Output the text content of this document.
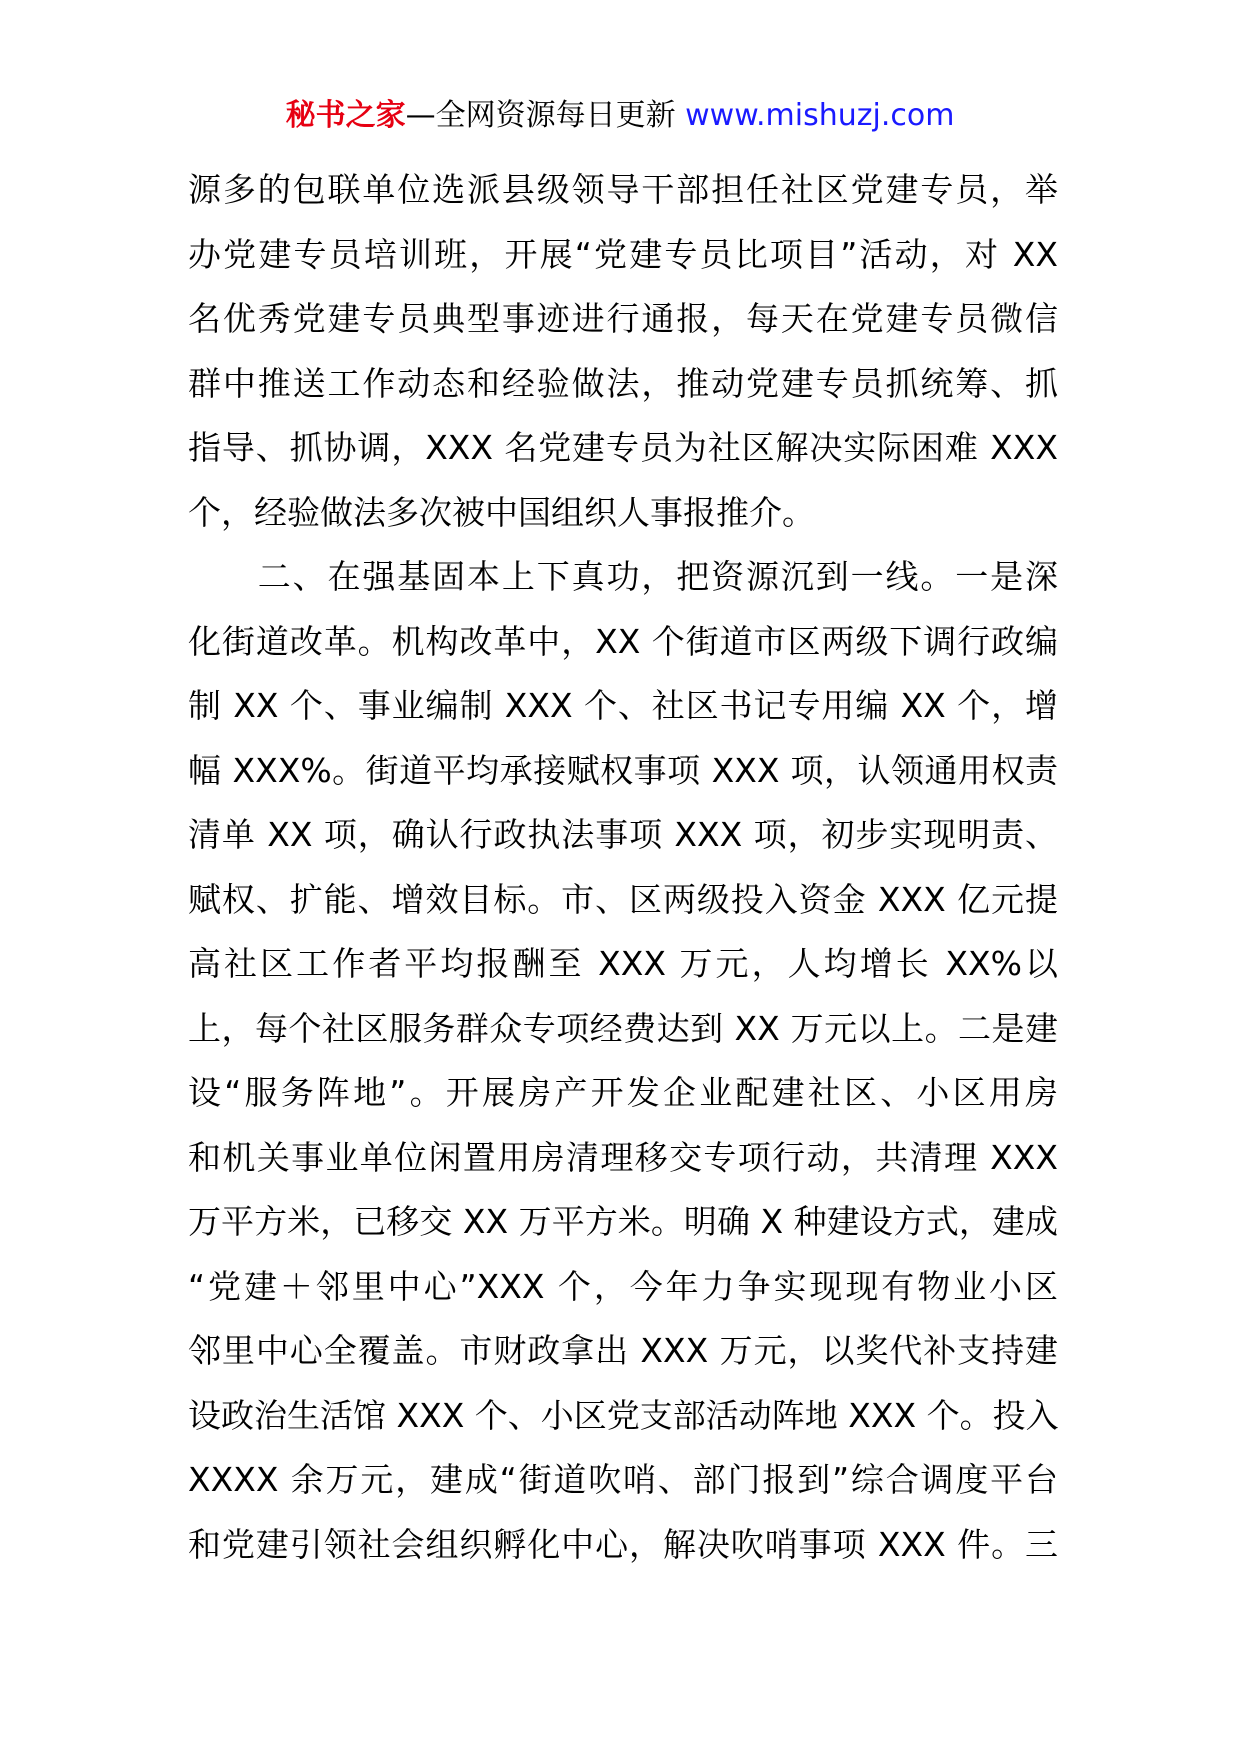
秘书之家—全网资源每日更新 www.mishuzj.com
源多的包联单位选派县级领导干部担任社区党建专员，举
办党建专员培训班，开展“党建专员比项目”活动，对 XX
名优秀党建专员典型事迹进行通报，每天在党建专员微信
群中推送工作动态和经验做法，推动党建专员抓统筹、抓
指导、抓协调，XXX 名党建专员为社区解决实际困难 XXX
个，经验做法多次被中国组织人事报推介。
　　二、在强基固本上下真功，把资源沉到一线。一是深
化街道改革。机构改革中，XX 个街道市区两级下调行政编
制 XX 个、事业编制 XXX 个、社区书记专用编 XX 个，增
幅 XXX%。街道平均承接赋权事项 XXX 项，认领通用权责
清单 XX 项，确认行政执法事项 XXX 项，初步实现明责、
赋权、扩能、增效目标。市、区两级投入资金 XXX 亿元提
高社区工作者平均报酬至 XXX 万元，人均增长 XX%以
上，每个社区服务群众专项经费达到 XX 万元以上。二是建
设“服务阵地”。开展房产开发企业配建社区、小区用房
和机关事业单位闲置用房清理移交专项行动，共清理 XXX
万平方米，已移交 XX 万平方米。明确 X 种建设方式，建成
“党建＋邻里中心”XXX 个，今年力争实现现有物业小区
邻里中心全覆盖。市财政拿出 XXX 万元，以奖代补支持建
设政治生活馆 XXX 个、小区党支部活动阵地 XXX 个。投入
XXXX 余万元，建成“街道吹哨、部门报到”综合调度平台
和党建引领社会组织孵化中心，解决吹哨事项 XXX 件。三
